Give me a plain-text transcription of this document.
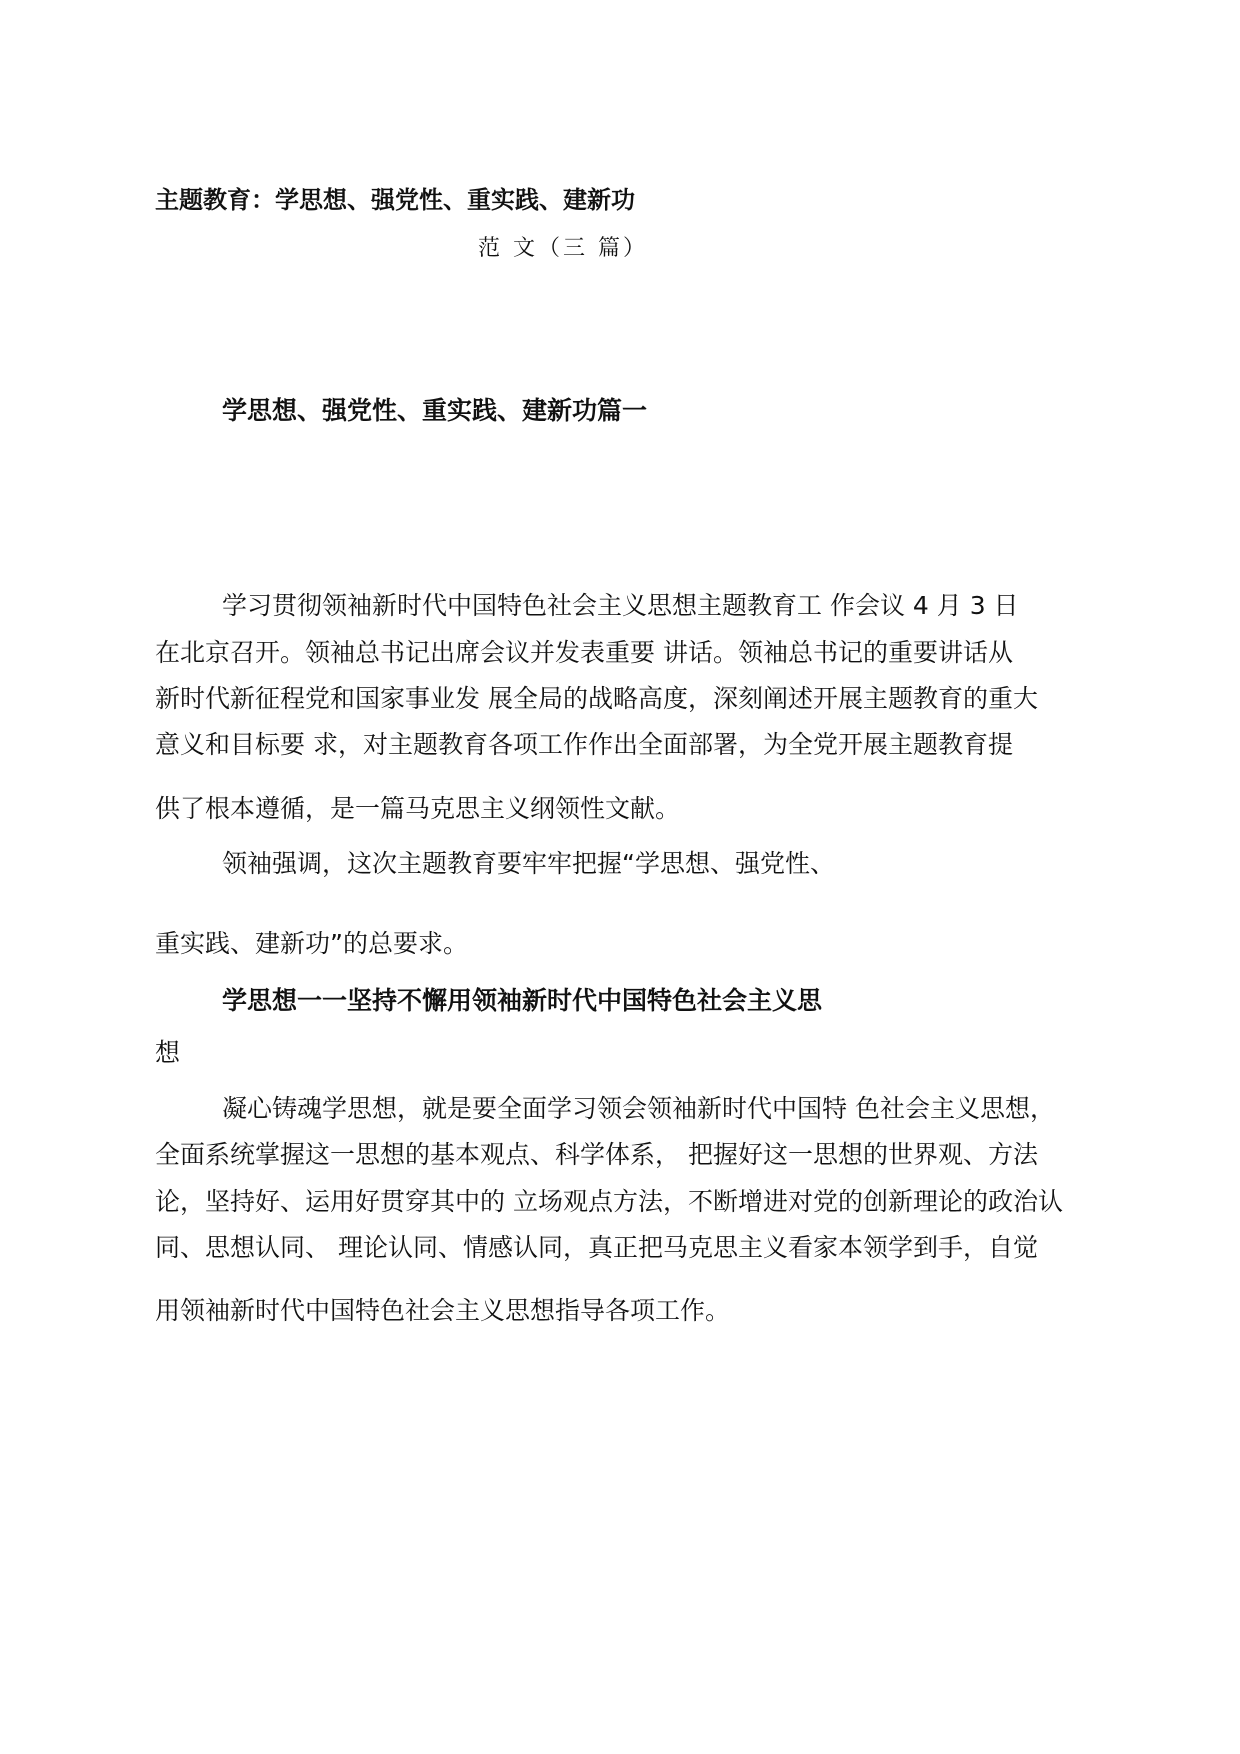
主题教育：学思想、强党性、重实践、建新功
范 文（三 篇）
学思想、强党性、重实践、建新功篇一
学习贯彻领袖新时代中国特色社会主义思想主题教育工 作会议 4 月 3 日
在北京召开。领袖总书记出席会议并发表重要 讲话。领袖总书记的重要讲话从
新时代新征程党和国家事业发 展全局的战略高度，深刻阐述开展主题教育的重大
意义和目标要 求，对主题教育各项工作作出全面部署，为全党开展主题教育提
供了根本遵循，是一篇马克思主义纲领性文献。
领袖强调，这次主题教育要牢牢把握“学思想、强党性、
重实践、建新功”的总要求。
学思想一一坚持不懈用领袖新时代中国特色社会主义思
想
凝心铸魂学思想，就是要全面学习领会领袖新时代中国特 色社会主义思想，
全面系统掌握这一思想的基本观点、科学体系， 把握好这一思想的世界观、方法
论，坚持好、运用好贯穿其中的 立场观点方法，不断增进对党的创新理论的政治认
同、思想认同、 理论认同、情感认同，真正把马克思主义看家本领学到手，自觉
用领袖新时代中国特色社会主义思想指导各项工作。
